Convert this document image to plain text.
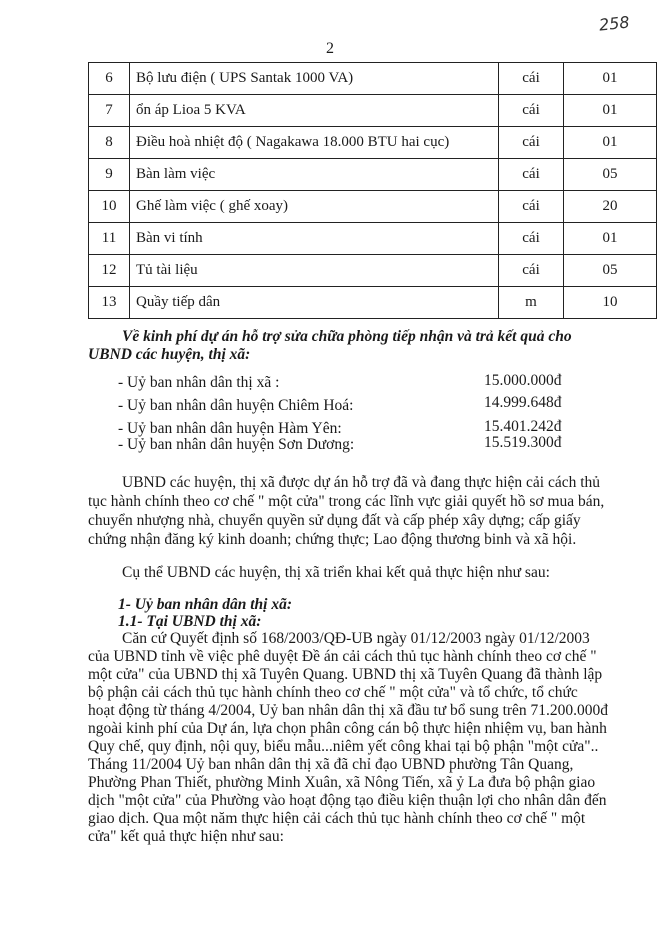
258
2
6	Bộ lưu điện ( UPS Santak 1000 VA)	cái	01
7	ổn áp Lioa 5 KVA	cái	01
8	Điều hoà nhiệt độ ( Nagakawa 18.000 BTU hai cục)	cái	01
9	Bàn làm việc	cái	05
10	Ghế làm việc ( ghế xoay)	cái	20
11	Bàn vi tính	cái	01
12	Tủ tài liệu	cái	05
13	Quầy tiếp dân	m	10
Về kinh phí dự án hỗ trợ sửa chữa phòng tiếp nhận và trả kết quả cho
UBND các huyện, thị xã:
- Uỷ ban nhân dân thị xã :	15.000.000đ
- Uỷ ban nhân dân huyện Chiêm Hoá:	14.999.648đ
- Uỷ ban nhân dân huyện Hàm Yên:	15.401.242đ
- Uỷ ban nhân dân huyện Sơn Dương:	15.519.300đ
UBND các huyện, thị xã được dự án hỗ trợ đã và đang thực hiện cải cách thủ
tục hành chính theo cơ chế " một cửa" trong các lĩnh vực giải quyết hồ sơ mua bán,
chuyển nhượng nhà, chuyển quyền sử dụng đất và cấp phép xây dựng; cấp giấy
chứng nhận đăng ký kinh doanh; chứng thực; Lao động thương binh và xã hội.
Cụ thể UBND các huyện, thị xã triển khai kết quả thực hiện như sau:
1- Uỷ ban nhân dân thị xã:
1.1- Tại UBND thị xã:
Căn cứ Quyết định số 168/2003/QĐ-UB ngày 01/12/2003 ngày 01/12/2003
của UBND tỉnh về việc phê duyệt Đề án cải cách thủ tục hành chính theo cơ chế "
một cửa" của UBND thị xã Tuyên Quang. UBND thị xã Tuyên Quang đã thành lập
bộ phận cải cách thủ tục hành chính theo cơ chế " một cửa" và tổ chức, tổ chức
hoạt động từ tháng 4/2004, Uỷ ban nhân dân thị xã đầu tư bổ sung trên 71.200.000đ
ngoài kinh phí của Dự án, lựa chọn phân công cán bộ thực hiện nhiệm vụ, ban hành
Quy chế, quy định, nội quy, biểu mẫu...niêm yết công khai tại bộ phận "một cửa"..
Tháng 11/2004 Uỷ ban nhân dân thị xã đã chỉ đạo UBND phường Tân Quang,
Phường Phan Thiết, phường Minh Xuân, xã Nông Tiến, xã ỷ La đưa bộ phận giao
dịch "một cửa" của Phường vào hoạt động tạo điều kiện thuận lợi cho nhân dân đến
giao dịch. Qua một năm thực hiện cải cách thủ tục hành chính theo cơ chế " một
cửa" kết quả thực hiện như sau:
